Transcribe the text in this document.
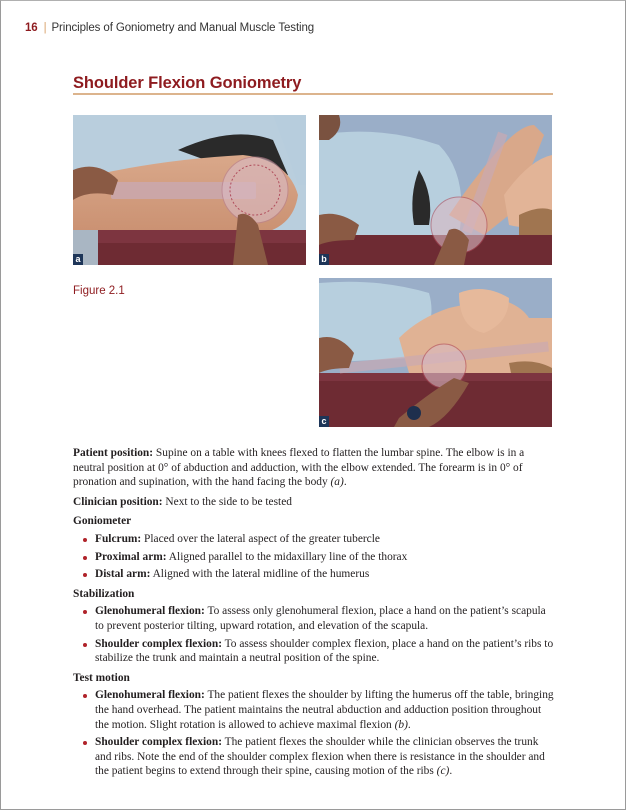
16 | Principles of Goniometry and Manual Muscle Testing
Shoulder Flexion Goniometry
a	b
c
Figure 2.1

Patient position: Supine on a table with knees flexed to flatten the lumbar spine. The elbow is in a neutral position at 0° of abduction and adduction, with the elbow extended. The forearm is in 0° of pronation and supination, with the hand facing the body (a).

Clinician position: Next to the side to be tested

Goniometer
Fulcrum: Placed over the lateral aspect of the greater tubercle
Proximal arm: Aligned parallel to the midaxillary line of the thorax
Distal arm: Aligned with the lateral midline of the humerus
Stabilization
Glenohumeral flexion: To assess only glenohumeral flexion, place a hand on the patient’s scapula to prevent posterior tilting, upward rotation, and elevation of the scapula.
Shoulder complex flexion: To assess shoulder complex flexion, place a hand on the patient’s ribs to stabilize the trunk and maintain a neutral position of the spine.
Test motion
Glenohumeral flexion: The patient flexes the shoulder by lifting the humerus off the table, bringing the hand overhead. The patient maintains the neutral abduction and adduction position throughout the motion. Slight rotation is allowed to achieve maximal flexion (b).
Shoulder complex flexion: The patient flexes the shoulder while the clinician observes the trunk and ribs. Note the end of the shoulder complex flexion when there is resistance in the shoulder and the patient begins to extend through their spine, causing motion of the ribs (c).
